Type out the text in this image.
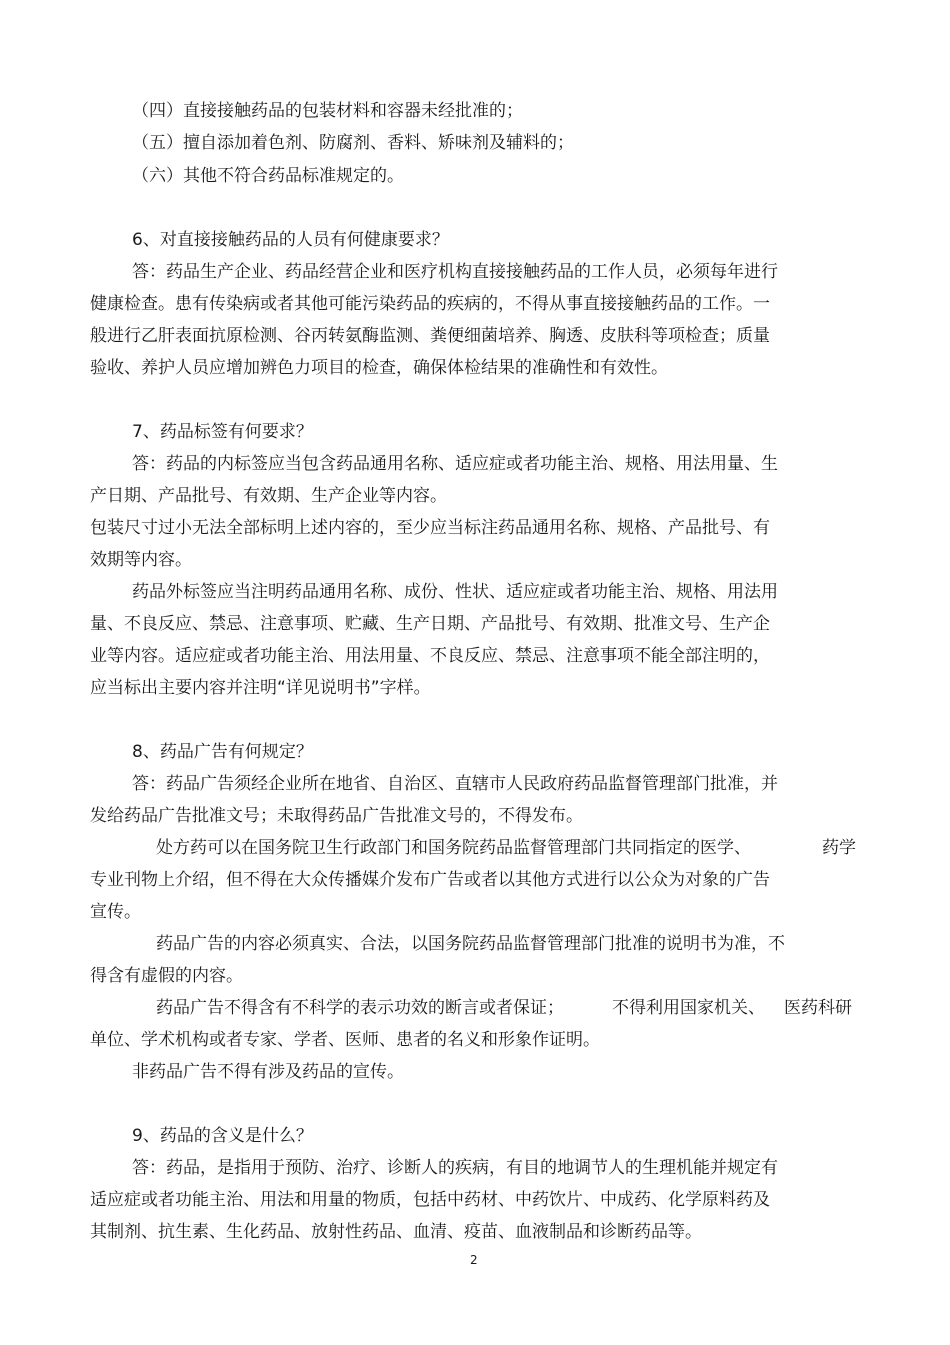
（四）直接接触药品的包装材料和容器未经批准的；
（五）擅自添加着色剂、防腐剂、香料、矫味剂及辅料的；
（六）其他不符合药品标准规定的。
6、对直接接触药品的人员有何健康要求？
答：药品生产企业、药品经营企业和医疗机构直接接触药品的工作人员，必须每年进行
健康检查。患有传染病或者其他可能污染药品的疾病的，不得从事直接接触药品的工作。一
般进行乙肝表面抗原检测、谷丙转氨酶监测、粪便细菌培养、胸透、皮肤科等项检查；质量
验收、养护人员应增加辨色力项目的检查，确保体检结果的准确性和有效性。
7、药品标签有何要求？
答：药品的内标签应当包含药品通用名称、适应症或者功能主治、规格、用法用量、生
产日期、产品批号、有效期、生产企业等内容。
包装尺寸过小无法全部标明上述内容的，至少应当标注药品通用名称、规格、产品批号、有
效期等内容。
药品外标签应当注明药品通用名称、成份、性状、适应症或者功能主治、规格、用法用
量、不良反应、禁忌、注意事项、贮藏、生产日期、产品批号、有效期、批准文号、生产企
业等内容。适应症或者功能主治、用法用量、不良反应、禁忌、注意事项不能全部注明的，
应当标出主要内容并注明“详见说明书”字样。
8、药品广告有何规定？
答：药品广告须经企业所在地省、自治区、直辖市人民政府药品监督管理部门批准，并
发给药品广告批准文号；未取得药品广告批准文号的，不得发布。
处方药可以在国务院卫生行政部门和国务院药品监督管理部门共同指定的医学、	药学
专业刊物上介绍，但不得在大众传播媒介发布广告或者以其他方式进行以公众为对象的广告
宣传。
药品广告的内容必须真实、合法，以国务院药品监督管理部门批准的说明书为准，不
得含有虚假的内容。
药品广告不得含有不科学的表示功效的断言或者保证；	不得利用国家机关、 医药科研
单位、学术机构或者专家、学者、医师、患者的名义和形象作证明。
非药品广告不得有涉及药品的宣传。
9、药品的含义是什么？
答：药品，是指用于预防、治疗、诊断人的疾病，有目的地调节人的生理机能并规定有
适应症或者功能主治、用法和用量的物质，包括中药材、中药饮片、中成药、化学原料药及
其制剂、抗生素、生化药品、放射性药品、血清、疫苗、血液制品和诊断药品等。
2
